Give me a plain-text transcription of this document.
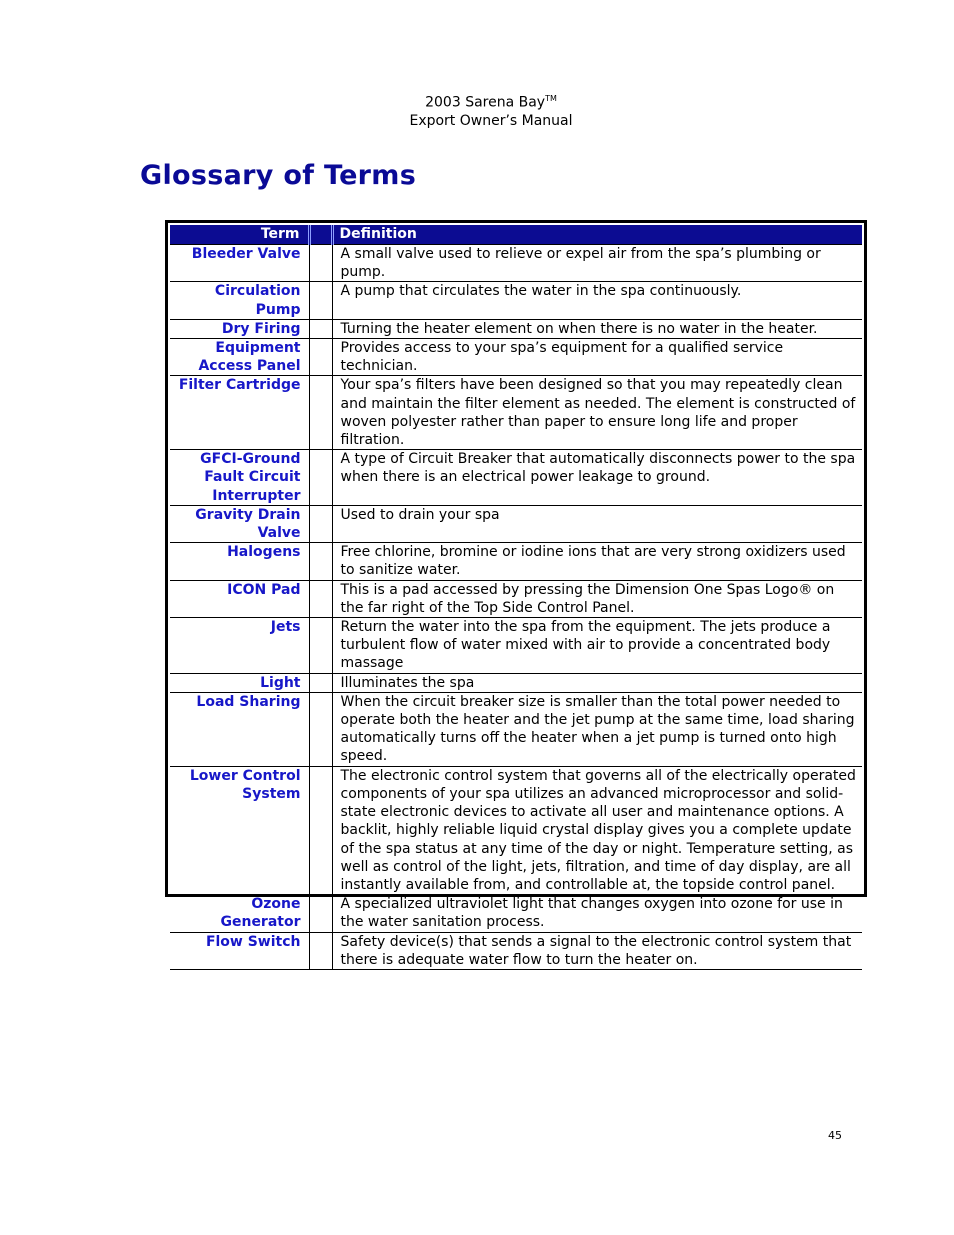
2003 Sarena Bay™
Export Owner’s Manual
Glossary of Terms
Term		Definition
Bleeder Valve		A small valve used to relieve or expel air from the spa’s plumbing or pump.
Circulation Pump		A pump that circulates the water in the spa continuously.
Dry Firing		Turning the heater element on when there is no water in the heater.
Equipment Access Panel		Provides access to your spa’s equipment for a qualified service technician.
Filter Cartridge		Your spa’s filters have been designed so that you may repeatedly clean and maintain the filter element as needed. The element is constructed of woven polyester rather than paper to ensure long life and proper filtration.
GFCI-Ground Fault Circuit Interrupter		A type of Circuit Breaker that automatically disconnects power to the spa when there is an electrical power leakage to ground.
Gravity Drain Valve		Used to drain your spa
Halogens		Free chlorine, bromine or iodine ions that are very strong oxidizers used to sanitize water.
ICON Pad		This is a pad accessed by pressing the Dimension One Spas Logo® on the far right of the Top Side Control Panel.
Jets		Return the water into the spa from the equipment. The jets produce a turbulent flow of water mixed with air to provide a concentrated body massage
Light		Illuminates the spa
Load Sharing		When the circuit breaker size is smaller than the total power needed to operate both the heater and the jet pump at the same time, load sharing automatically turns off the heater when a jet pump is turned onto high speed.
Lower Control System		The electronic control system that governs all of the electrically operated components of your spa utilizes an advanced microprocessor and solid-state electronic devices to activate all user and maintenance options. A backlit, highly reliable liquid crystal display gives you a complete update of the spa status at any time of the day or night. Temperature setting, as well as control of the light, jets, filtration, and time of day display, are all instantly available from, and controllable at, the topside control panel.
Ozone Generator		A specialized ultraviolet light that changes oxygen into ozone for use in the water sanitation process.
Flow Switch		Safety device(s) that sends a signal to the electronic control system that there is adequate water flow to turn the heater on.
45
